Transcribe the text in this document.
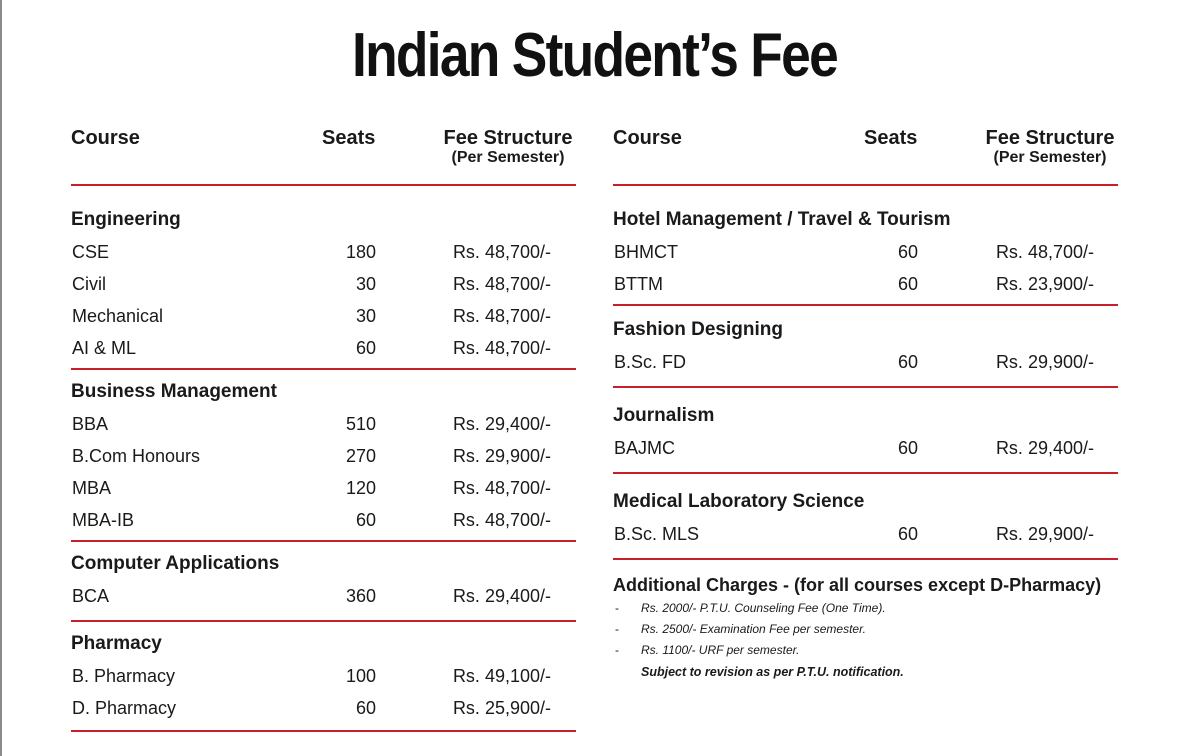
Indian Student’s Fee
Course	Seats	Fee Structure
(Per Semester)
Engineering
CSE	180	Rs. 48,700/-
Civil	30	Rs. 48,700/-
Mechanical	30	Rs. 48,700/-
AI & ML	60	Rs. 48,700/-
Business Management
BBA	510	Rs. 29,400/-
B.Com Honours	270	Rs. 29,900/-
MBA	120	Rs. 48,700/-
MBA-IB	60	Rs. 48,700/-
Computer Applications
BCA	360	Rs. 29,400/-
Pharmacy
B. Pharmacy	100	Rs. 49,100/-
D. Pharmacy	60	Rs. 25,900/-
Course	Seats	Fee Structure
(Per Semester)
Hotel Management / Travel & Tourism
BHMCT	60	Rs. 48,700/-
BTTM	60	Rs. 23,900/-
Fashion Designing
B.Sc. FD	60	Rs. 29,900/-
Journalism
BAJMC	60	Rs. 29,400/-
Medical Laboratory Science
B.Sc. MLS	60	Rs. 29,900/-
Additional Charges - (for all courses except D-Pharmacy)
- Rs. 2000/- P.T.U. Counseling Fee (One Time).
- Rs. 2500/- Examination Fee per semester.
- Rs. 1100/- URF per semester.
Subject to revision as per P.T.U. notification.
